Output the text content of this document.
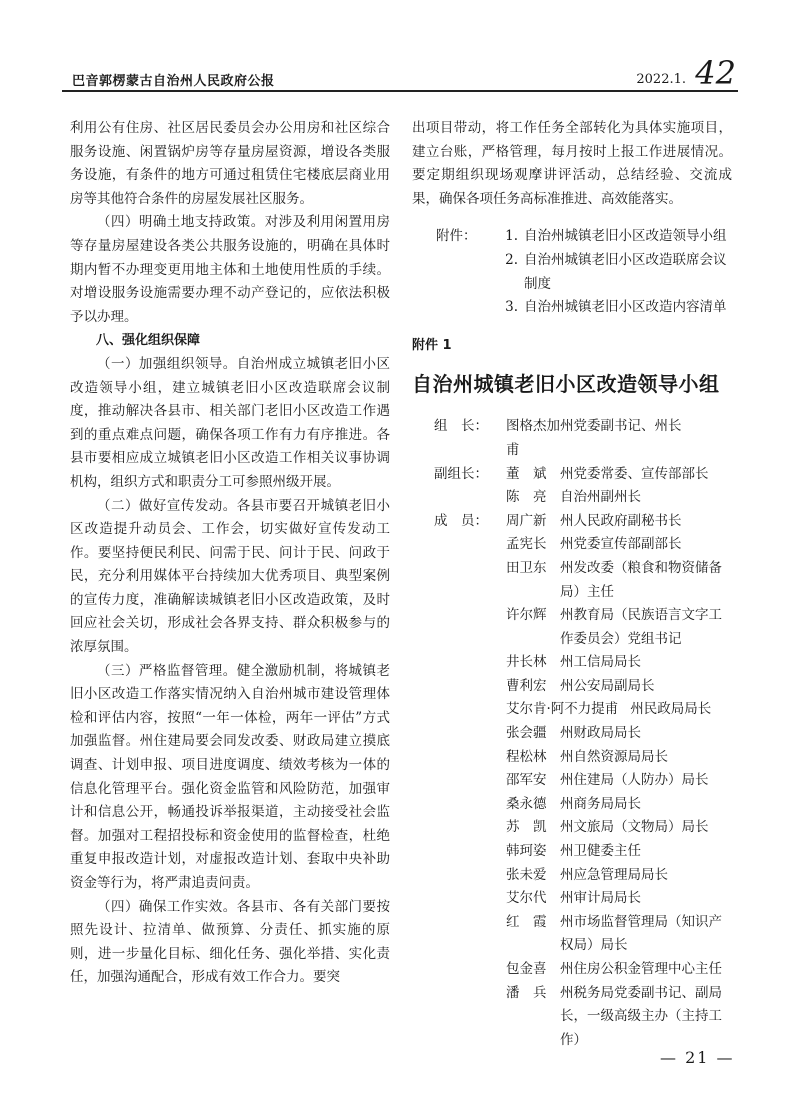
巴音郭楞蒙古自治州人民政府公报	2022.1. 42

利用公有住房、社区居民委员会办公用房和社区综合服务设施、闲置锅炉房等存量房屋资源，增设各类服务设施，有条件的地方可通过租赁住宅楼底层商业用房等其他符合条件的房屋发展社区服务。

（四）明确土地支持政策。对涉及利用闲置用房等存量房屋建设各类公共服务设施的，明确在具体时期内暂不办理变更用地主体和土地使用性质的手续。对增设服务设施需要办理不动产登记的，应依法积极予以办理。

八、强化组织保障

（一）加强组织领导。自治州成立城镇老旧小区改造领导小组，建立城镇老旧小区改造联席会议制度，推动解决各县市、相关部门老旧小区改造工作遇到的重点难点问题，确保各项工作有力有序推进。各县市要相应成立城镇老旧小区改造工作相关议事协调机构，组织方式和职责分工可参照州级开展。

（二）做好宣传发动。各县市要召开城镇老旧小区改造提升动员会、工作会，切实做好宣传发动工作。要坚持便民利民、问需于民、问计于民、问政于民，充分利用媒体平台持续加大优秀项目、典型案例的宣传力度，准确解读城镇老旧小区改造政策，及时回应社会关切，形成社会各界支持、群众积极参与的浓厚氛围。

（三）严格监督管理。健全激励机制，将城镇老旧小区改造工作落实情况纳入自治州城市建设管理体检和评估内容，按照“一年一体检，两年一评估”方式加强监督。州住建局要会同发改委、财政局建立摸底调查、计划申报、项目进度调度、绩效考核为一体的信息化管理平台。强化资金监管和风险防范，加强审计和信息公开，畅通投诉举报渠道，主动接受社会监督。加强对工程招投标和资金使用的监督检查，杜绝重复申报改造计划，对虚报改造计划、套取中央补助资金等行为，将严肃追责问责。

（四）确保工作实效。各县市、各有关部门要按照先设计、拉清单、做预算、分责任、抓实施的原则，进一步量化目标、细化任务、强化举措、实化责任，加强沟通配合，形成有效工作合力。要突

出项目带动，将工作任务全部转化为具体实施项目，建立台账，严格管理，每月按时上报工作进展情况。要定期组织现场观摩讲评活动，总结经验、交流成果，确保各项任务高标准推进、高效能落实。

附件：	1. 自治州城镇老旧小区改造领导小组
2. 自治州城镇老旧小区改造联席会议制度
3. 自治州城镇老旧小区改造内容清单
附件 1
自治州城镇老旧小区改造领导小组
组　长：	图格杰加甫
州党委副书记、州长
副组长：	董　斌	州党委常委、宣传部部长
陈　亮	自治州副州长
成　员：	周广新	州人民政府副秘书长
孟宪长	州党委宣传部副部长
田卫东	州发改委（粮食和物资储备局）主任
许尔辉	州教育局（民族语言文字工作委员会）党组书记
井长林	州工信局局长
曹利宏	州公安局副局长
艾尔肯·阿不力提甫 州民政局局长
张会疆	州财政局局长
程松林	州自然资源局局长
邵军安	州住建局（人防办）局长
桑永德	州商务局局长
苏　凯	州文旅局（文物局）局长
韩珂姿	州卫健委主任
张未爱	州应急管理局局长
艾尔代	州审计局局长
红　霞	州市场监督管理局（知识产权局）局长
包金喜	州住房公积金管理中心主任
潘　兵	州税务局党委副书记、副局长，一级高级主办（主持工作）
— 21 —
